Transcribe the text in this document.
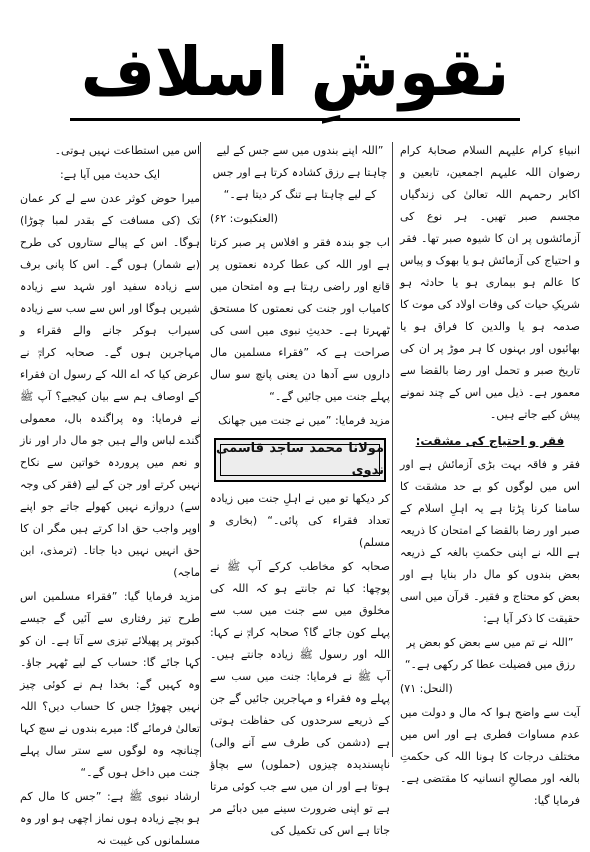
نقوشِ اسلاف

انبیاءِ کرام علیہم السلام صحابۂ کرام رضوان اللہ علیہم اجمعین، تابعین و اکابر رحمہم اللہ تعالیٰ کی زندگیاں مجسم صبر تھیں۔ ہر نوع کی آزمائشوں پر ان کا شیوہ صبر تھا۔ فقر و احتیاج کی آزمائش ہو یا بھوک و پیاس کا عالم ہو بیماری ہو یا حادثہ ہو شریکِ حیات کی وفات اولاد کی موت کا صدمہ ہو یا والدین کا فراق ہو یا بھائیوں اور بہنوں کا ہر موڑ پر ان کی تاریخ صبر و تحمل اور رضا بالقضا سے معمور ہے۔ ذیل میں اس کے چند نمونے پیش کیے جاتے ہیں۔

فقر و احتیاج کی مشقت:

فقر و فاقہ بہت بڑی آزمائش ہے اور اس میں لوگوں کو بے حد مشقت کا سامنا کرنا پڑتا ہے یہ اہلِ اسلام کے صبر اور رضا بالقضا کے امتحان کا ذریعہ ہے اللہ نے اپنی حکمتِ بالغہ کے ذریعہ بعض بندوں کو مال دار بنایا ہے اور بعض کو محتاج و فقیر۔ قرآن میں اسی حقیقت کا ذکر آیا ہے:

”اللہ نے تم میں سے بعض کو بعض پر رزق میں فضیلت عطا کر رکھی ہے۔“

(النحل: ۷۱)

آیت سے واضح ہوا کہ مال و دولت میں عدم مساوات فطری ہے اور اس میں مختلف درجات کا ہونا اللہ کی حکمتِ بالغہ اور مصالحِ انسانیہ کا مقتضی ہے۔ فرمایا گیا:

”اللہ اپنے بندوں میں سے جس کے لیے چاہتا ہے رزق کشادہ کرتا ہے اور جس کے لیے چاہتا ہے تنگ کر دیتا ہے۔“

(العنکبوت: ۶۲)

اب جو بندہ فقر و افلاس پر صبر کرتا ہے اور اللہ کی عطا کردہ نعمتوں پر قانع اور راضی رہتا ہے وہ امتحان میں کامیاب اور جنت کی نعمتوں کا مستحق ٹھہرتا ہے۔ حدیثِ نبوی میں اسی کی صراحت ہے کہ ”فقراء مسلمین مال داروں سے آدھا دن یعنی پانچ سو سال پہلے جنت میں جائیں گے۔“

مزید فرمایا: ”میں نے جنت میں جھانک

مولانا محمد ساجد قاسمی ندوی

کر دیکھا تو میں نے اہلِ جنت میں زیادہ تعداد فقراء کی پائی۔“ (بخاری و مسلم)

صحابہ کو مخاطب کرکے آپ ﷺ نے پوچھا: کیا تم جانتے ہو کہ اللہ کی مخلوق میں سے جنت میں سب سے پہلے کون جائے گا؟ صحابہ کرامؓ نے کہا: اللہ اور رسول ﷺ زیادہ جانتے ہیں۔ آپ ﷺ نے فرمایا: جنت میں سب سے پہلے وہ فقراء و مہاجرین جائیں گے جن کے ذریعے سرحدوں کی حفاظت ہوتی ہے (دشمن کی طرف سے آنے والی) ناپسندیدہ چیزوں (حملوں) سے بچاؤ ہوتا ہے اور ان میں سے جب کوئی مرتا ہے تو اپنی ضرورت سینے میں دبائے مر جاتا ہے اس کی تکمیل کی

اس میں استطاعت نہیں ہوتی۔

ایک حدیث میں آیا ہے:

میرا حوض کوثر عدن سے لے کر عمان تک (کی مسافت کے بقدر لمبا چوڑا) ہوگا۔ اس کے پیالے ستاروں کی طرح (بے شمار) ہوں گے۔ اس کا پانی برف سے زیادہ سفید اور شہد سے زیادہ شیریں ہوگا اور اس سے سب سے زیادہ سیراب ہوکر جانے والے فقراء و مہاجرین ہوں گے۔ صحابہ کرامؓ نے عرض کیا کہ اے اللہ کے رسول ان فقراء کے اوصاف ہم سے بیان کیجیے؟ آپ ﷺ نے فرمایا: وہ پراگندہ بال، معمولی گندے لباس والے ہیں جو مال دار اور ناز و نعم میں پروردہ خواتین سے نکاح نہیں کرتے اور جن کے لیے (فقر کی وجہ سے) دروازے نہیں کھولے جاتے جو اپنے اوپر واجب حق ادا کرتے ہیں مگر ان کا حق انہیں نہیں دیا جاتا۔ (ترمذی، ابن ماجہ)

مزید فرمایا گیا: ”فقراء مسلمین اس طرح تیز رفتاری سے آئیں گے جیسے کبوتر پر پھیلائے تیزی سے آتا ہے۔ ان کو کہا جائے گا: حساب کے لیے ٹھہر جاؤ۔ وہ کہیں گے: بخدا ہم نے کوئی چیز نہیں چھوڑا جس کا حساب دیں؟ اللہ تعالیٰ فرمائے گا: میرے بندوں نے سچ کہا چنانچہ وہ لوگوں سے ستر سال پہلے جنت میں داخل ہوں گے۔“

ارشاد نبوی ﷺ ہے: ”جس کا مال کم ہو بچے زیادہ ہوں نماز اچھی ہو اور وہ مسلمانوں کی غیبت نہ
